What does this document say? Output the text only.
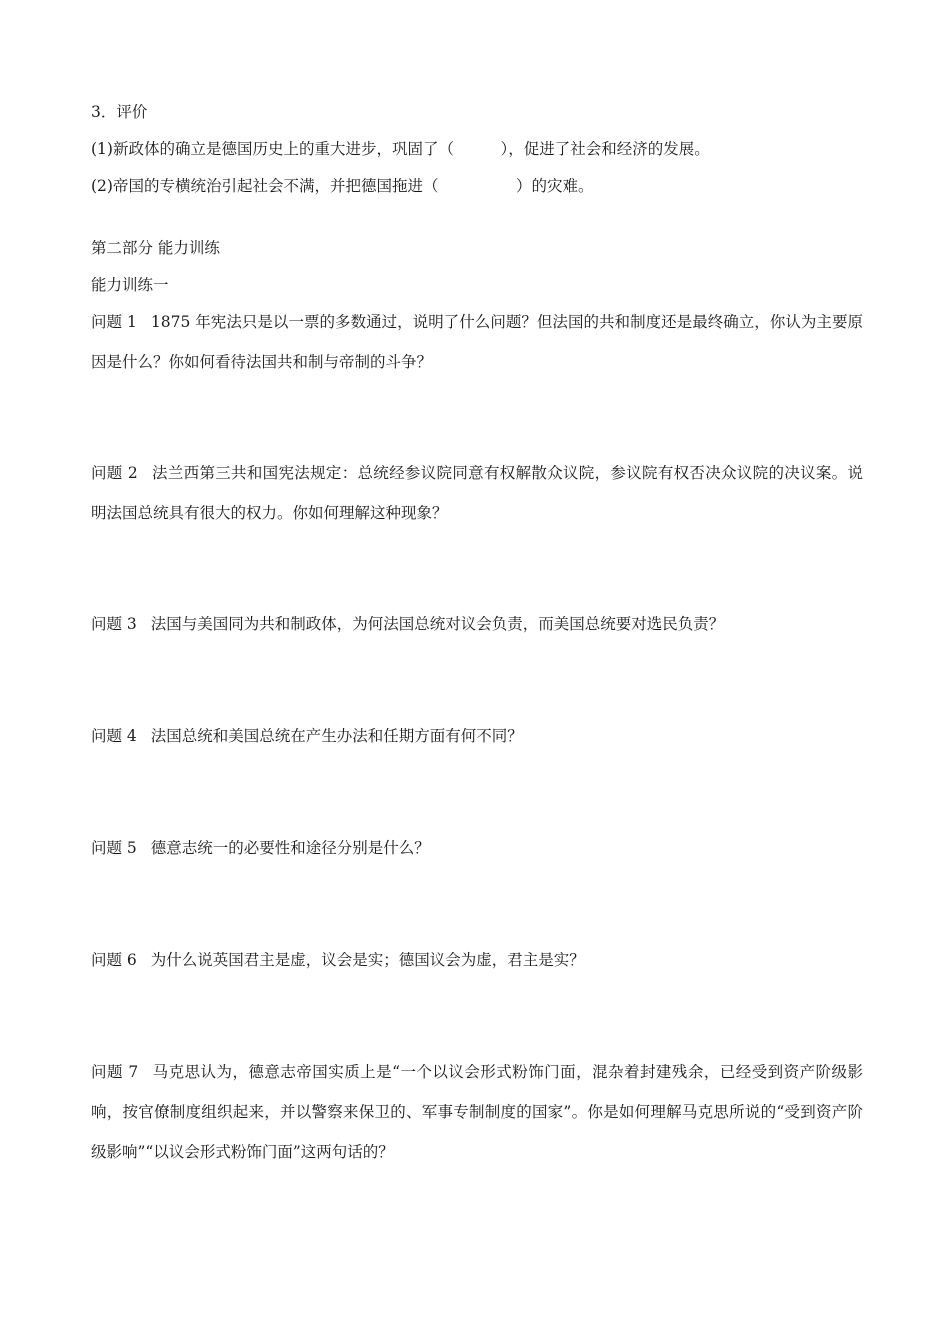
3．评价
(1)新政体的确立是德国历史上的重大进步，巩固了（　　　），促进了社会和经济的发展。
(2)帝国的专横统治引起社会不满，并把德国拖进（　　　　　）的灾难。
第二部分 能力训练
能力训练一
问题 1 1875 年宪法只是以一票的多数通过，说明了什么问题？但法国的共和制度还是最终确立，你认为主要原因是什么？你如何看待法国共和制与帝制的斗争？
问题 2 法兰西第三共和国宪法规定：总统经参议院同意有权解散众议院，参议院有权否决众议院的决议案。说明法国总统具有很大的权力。你如何理解这种现象？
问题 3 法国与美国同为共和制政体，为何法国总统对议会负责，而美国总统要对选民负责？
问题 4 法国总统和美国总统在产生办法和任期方面有何不同？
问题 5 德意志统一的必要性和途径分别是什么？
问题 6 为什么说英国君主是虚，议会是实；德国议会为虚，君主是实？
问题 7 马克思认为，德意志帝国实质上是“一个以议会形式粉饰门面，混杂着封建残余，已经受到资产阶级影响，按官僚制度组织起来，并以警察来保卫的、军事专制制度的国家”。你是如何理解马克思所说的“受到资产阶级影响”“以议会形式粉饰门面”这两句话的？
